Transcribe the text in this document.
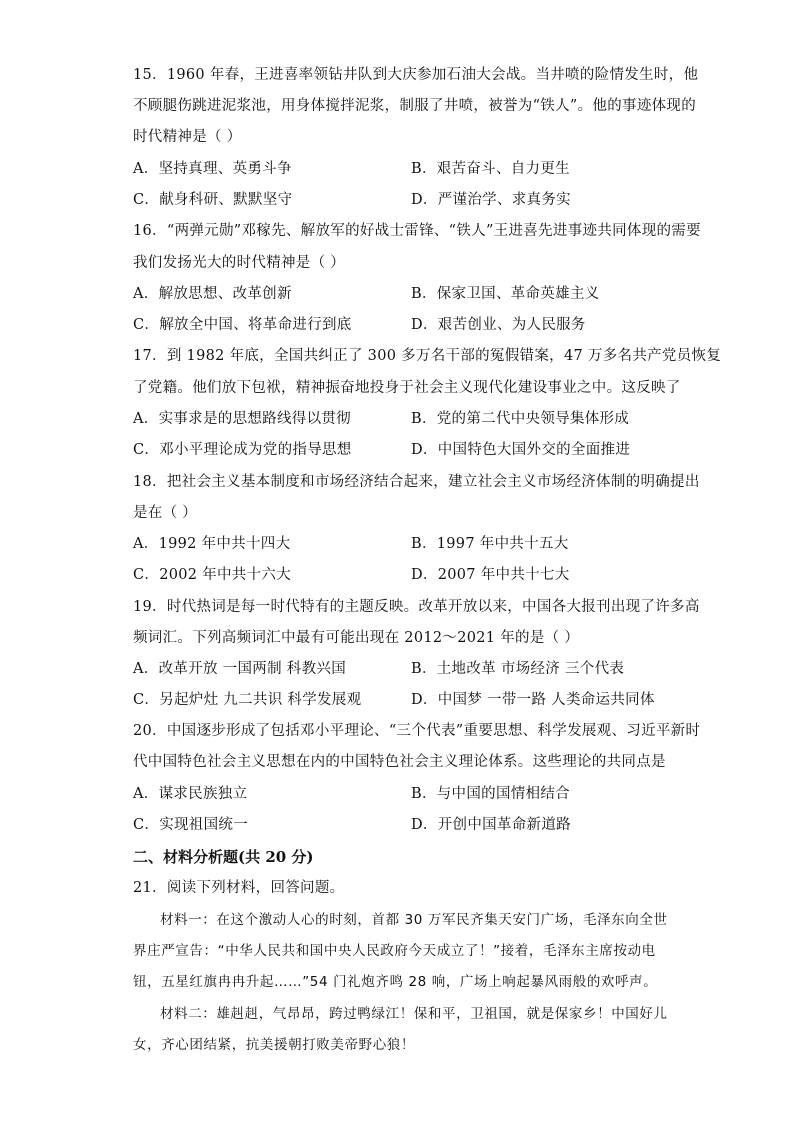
15．1960 年春，王进喜率领钻井队到大庆参加石油大会战。当井喷的险情发生时，他
不顾腿伤跳进泥浆池，用身体搅拌泥浆，制服了井喷，被誉为“铁人”。他的事迹体现的
时代精神是（ ）
A．坚持真理、英勇斗争	B．艰苦奋斗、自力更生
C．献身科研、默默坚守	D．严谨治学、求真务实
16．“两弹元勋”邓稼先、解放军的好战士雷锋、“铁人”王进喜先进事迹共同体现的需要
我们发扬光大的时代精神是（ ）
A．解放思想、改革创新	B．保家卫国、革命英雄主义
C．解放全中国、将革命进行到底	D．艰苦创业、为人民服务
17．到 1982 年底，全国共纠正了 300 多万名干部的冤假错案，47 万多名共产党员恢复
了党籍。他们放下包袱，精神振奋地投身于社会主义现代化建设事业之中。这反映了
A．实事求是的思想路线得以贯彻	B．党的第二代中央领导集体形成
C．邓小平理论成为党的指导思想	D．中国特色大国外交的全面推进
18．把社会主义基本制度和市场经济结合起来，建立社会主义市场经济体制的明确提出
是在（ ）
A．1992 年中共十四大	B．1997 年中共十五大
C．2002 年中共十六大	D．2007 年中共十七大
19．时代热词是每一时代特有的主题反映。改革开放以来，中国各大报刊出现了许多高
频词汇。下列高频词汇中最有可能出现在 2012～2021 年的是（ ）
A．改革开放 一国两制 科教兴国	B．土地改革 市场经济 三个代表
C．另起炉灶 九二共识 科学发展观	D．中国梦 一带一路 人类命运共同体
20．中国逐步形成了包括邓小平理论、“三个代表”重要思想、科学发展观、习近平新时
代中国特色社会主义思想在内的中国特色社会主义理论体系。这些理论的共同点是
A．谋求民族独立	B．与中国的国情相结合
C．实现祖国统一	D．开创中国革命新道路
二、材料分析题(共 20 分)
21．阅读下列材料，回答问题。
材料一：在这个激动人心的时刻，首都 30 万军民齐集天安门广场，毛泽东向全世
界庄严宣告：“中华人民共和国中央人民政府今天成立了！”接着，毛泽东主席按动电
钮，五星红旗冉冉升起……”54 门礼炮齐鸣 28 响，广场上响起暴风雨般的欢呼声。
材料二：雄赳赳，气昂昂，跨过鸭绿江！保和平，卫祖国，就是保家乡！中国好儿
女，齐心团结紧，抗美援朝打败美帝野心狼！
